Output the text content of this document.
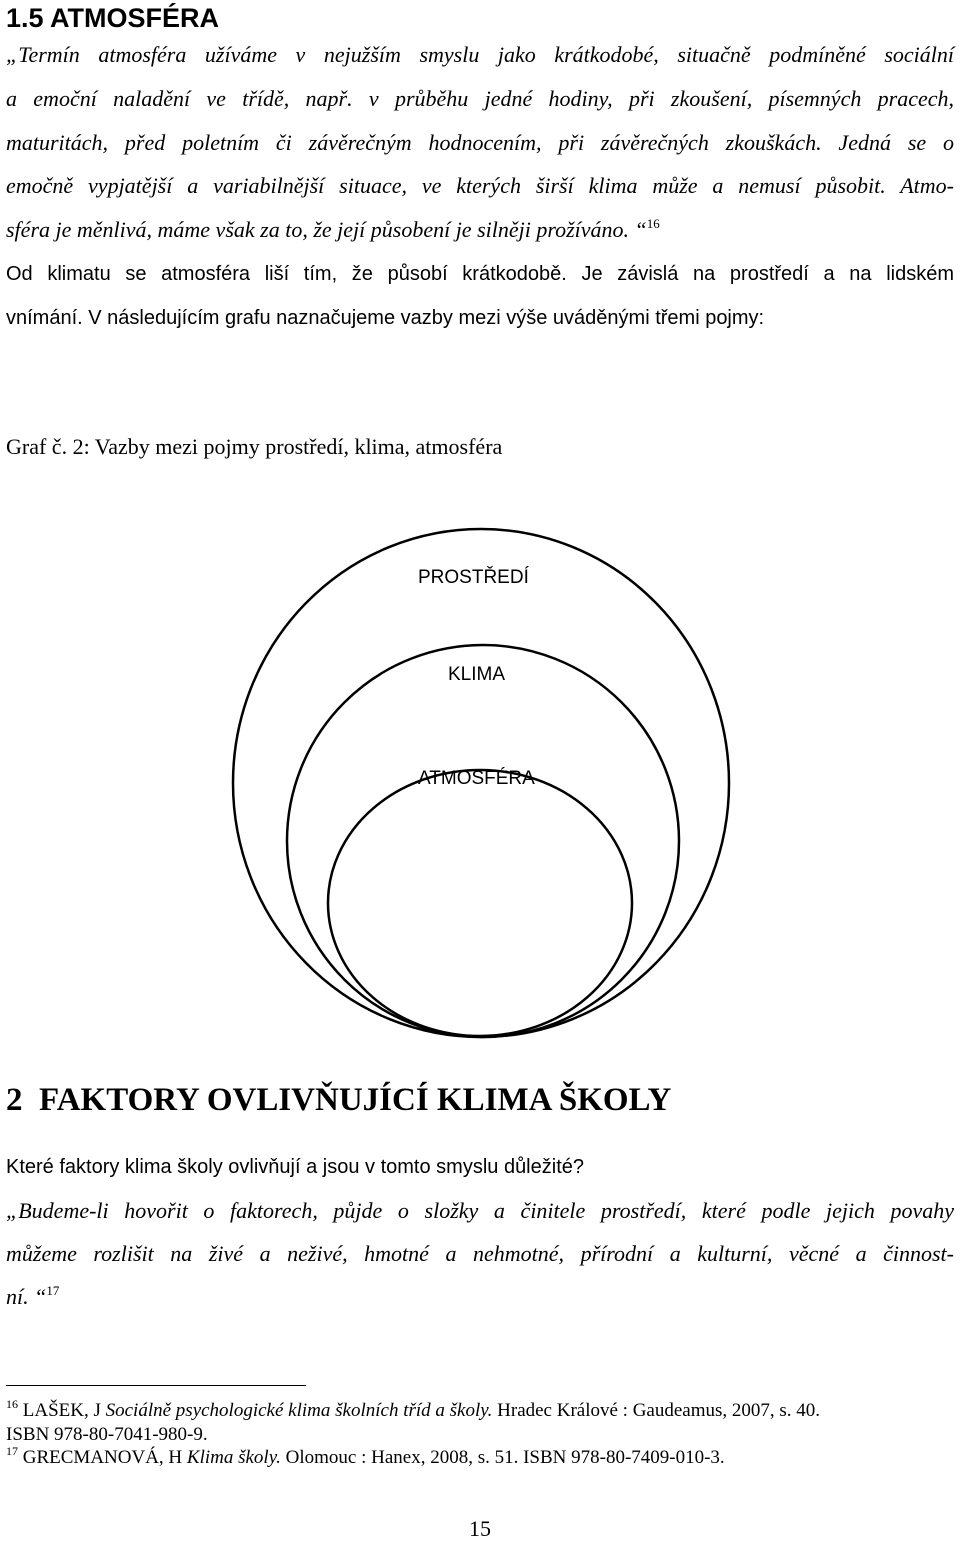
1.5 ATMOSFÉRA
„Termín atmosféra užíváme v nejužším smyslu jako krátkodobé, situačně podmíněné sociální
a emoční naladění ve třídě, např. v průběhu jedné hodiny, při zkoušení, písemných pracech,
maturitách, před poletním či závěrečným hodnocením, při závěrečných zkouškách. Jedná se o
emočně vypjatější a variabilnější situace, ve kterých širší klima může a nemusí působit. Atmo-
sféra je měnlivá, máme však za to, že její působení je silněji prožíváno. “$^{16}$
Od klimatu se atmosféra liší tím, že působí krátkodobě. Je závislá na prostředí a na lidském
vnímání. V následujícím grafu naznačujeme vazby mezi výše uváděnými třemi pojmy:
Graf č. 2: Vazby mezi pojmy prostředí, klima, atmosféra
PROSTŘEDÍ
KLIMA
ATMOSFÉRA
2 FAKTORY OVLIVŇUJÍCÍ KLIMA ŠKOLY
Které faktory klima školy ovlivňují a jsou v tomto smyslu důležité?
„Budeme-li hovořit o faktorech, půjde o složky a činitele prostředí, které podle jejich povahy
můžeme rozlišit na živé a neživé, hmotné a nehmotné, přírodní a kulturní, věcné a činnost-
ní. “$^{17}$
$^{16}$ LAŠEK, J Sociálně psychologické klima školních tříd a školy. Hradec Králové : Gaudeamus, 2007, s. 40.
ISBN 978-80-7041-980-9.
$^{17}$ GRECMANOVÁ, H Klima školy. Olomouc : Hanex, 2008, s. 51. ISBN 978-80-7409-010-3.
15
